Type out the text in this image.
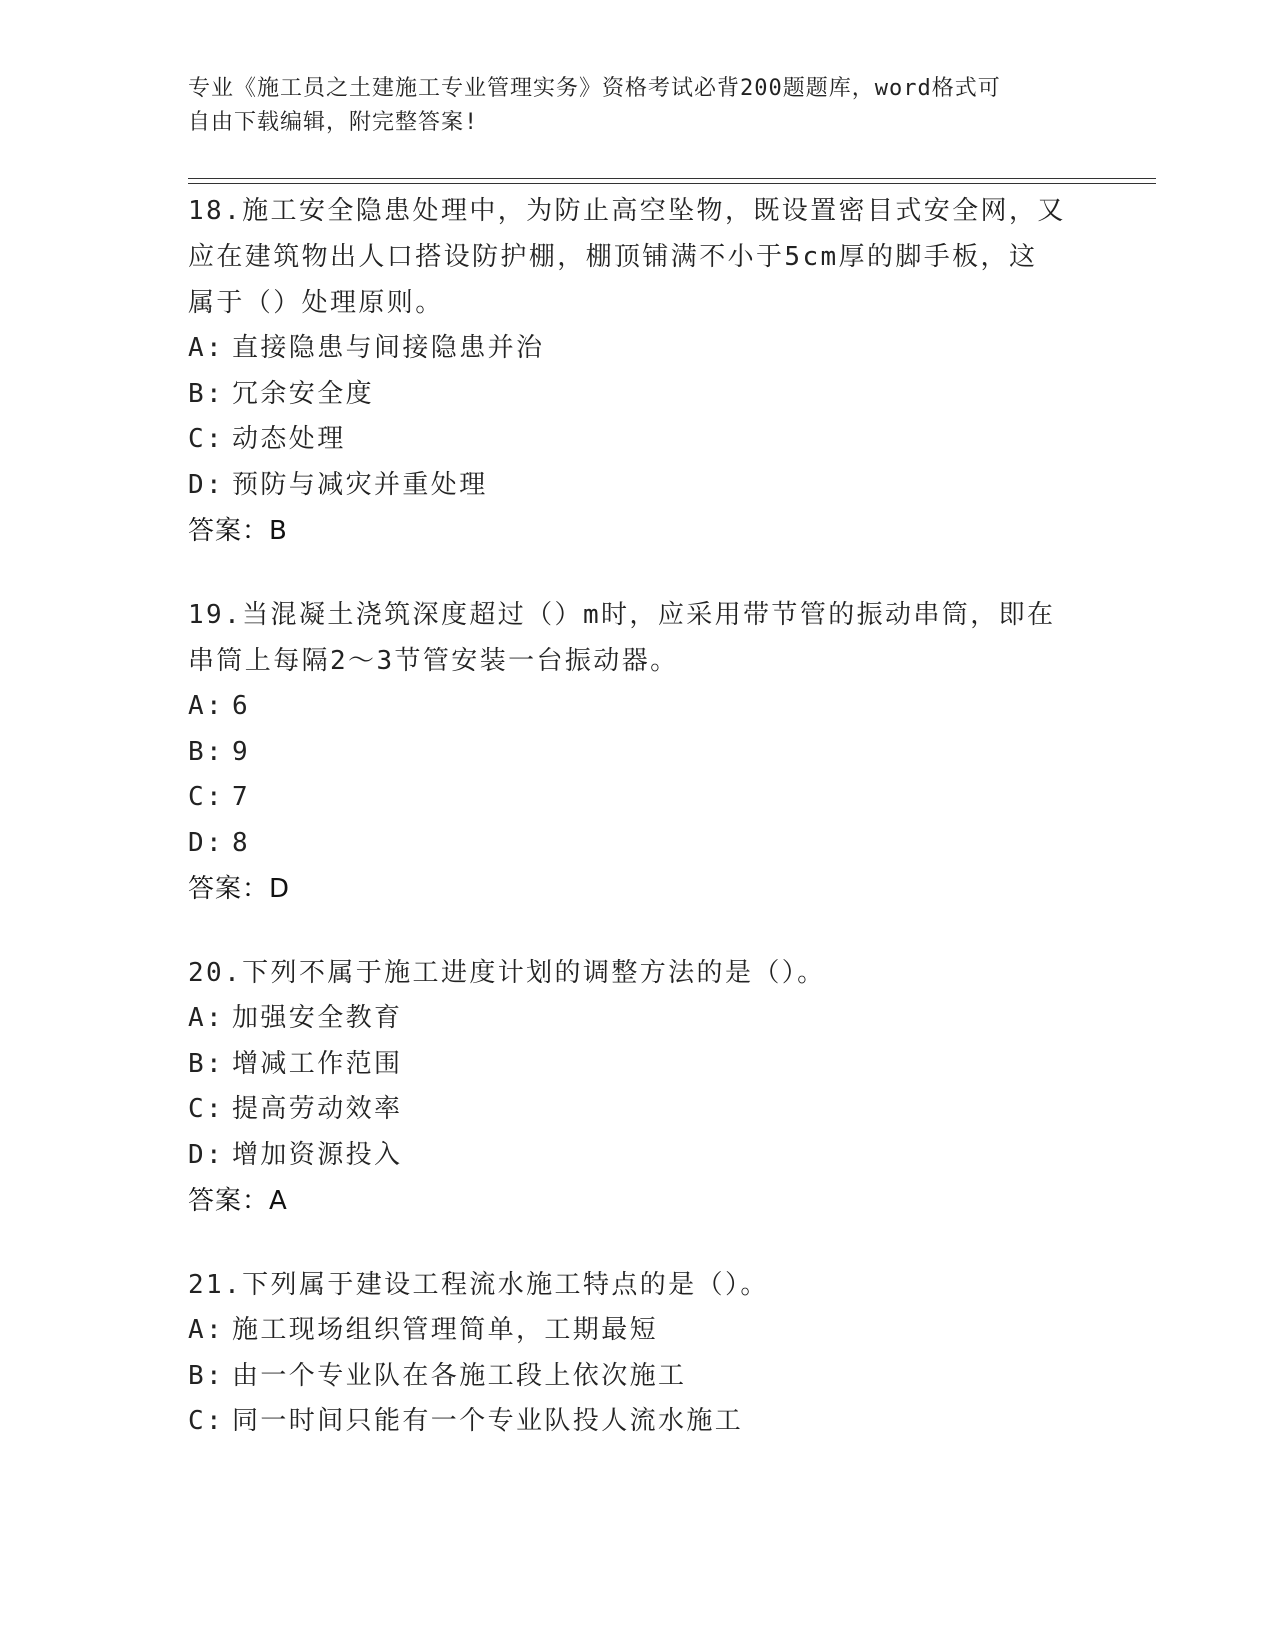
专业《施工员之土建施工专业管理实务》资格考试必背200题题库，word格式可
自由下载编辑，附完整答案!
18.施工安全隐患处理中，为防止高空坠物，既设置密目式安全网，又
应在建筑物出人口搭设防护棚，棚顶铺满不小于5cm厚的脚手板，这
属于（）处理原则。
A: 直接隐患与间接隐患并治
B: 冗余安全度
C: 动态处理
D: 预防与减灾并重处理
答案：B
19.当混凝土浇筑深度超过（）m时，应采用带节管的振动串筒，即在
串筒上每隔2～3节管安装一台振动器。
A: 6
B: 9
C: 7
D: 8
答案：D
20.下列不属于施工进度计划的调整方法的是（）。
A: 加强安全教育
B: 增减工作范围
C: 提高劳动效率
D: 增加资源投入
答案：A
21.下列属于建设工程流水施工特点的是（）。
A: 施工现场组织管理简单，工期最短
B: 由一个专业队在各施工段上依次施工
C: 同一时间只能有一个专业队投人流水施工
